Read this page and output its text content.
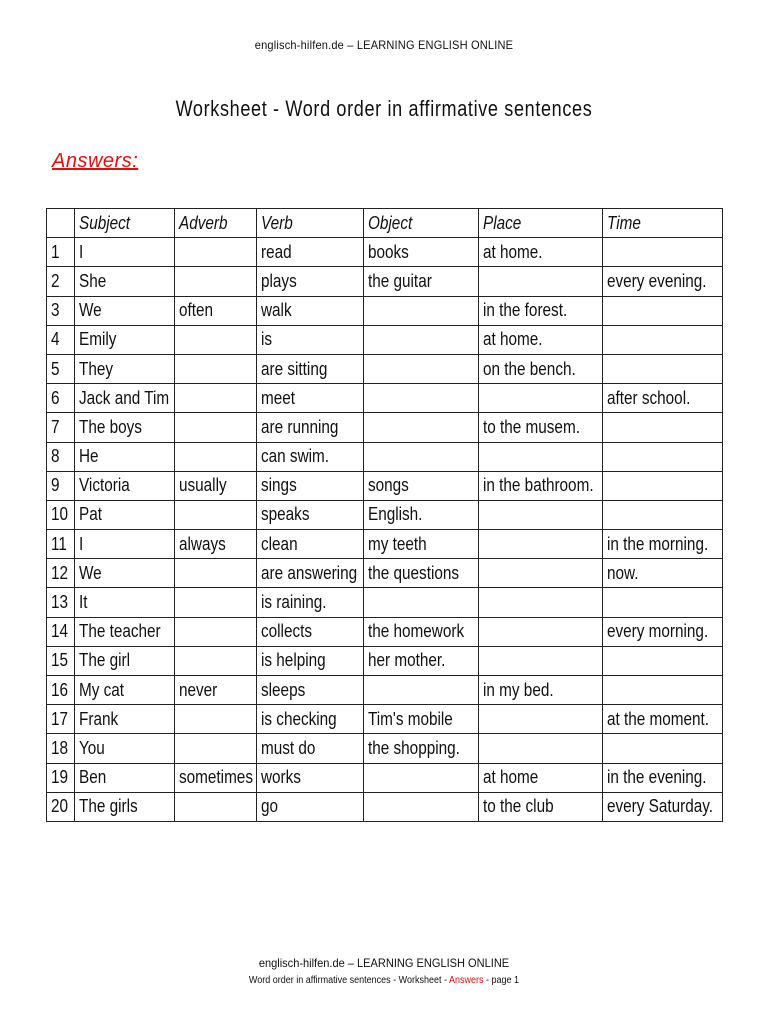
englisch-hilfen.de – LEARNING ENGLISH ONLINE
Worksheet - Word order in affirmative sentences
Answers:
	Subject	Adverb	Verb	Object	Place	Time
1	I		read	books	at home.	
2	She		plays	the guitar		every evening.
3	We	often	walk		in the forest.	
4	Emily		is		at home.	
5	They		are sitting		on the bench.	
6	Jack and Tim		meet			after school.
7	The boys		are running		to the musem.	
8	He		can swim.			
9	Victoria	usually	sings	songs	in the bathroom.	
10	Pat		speaks	English.		
11	I	always	clean	my teeth		in the morning.
12	We		are answering	the questions		now.
13	It		is raining.			
14	The teacher		collects	the homework		every morning.
15	The girl		is helping	her mother.		
16	My cat	never	sleeps		in my bed.	
17	Frank		is checking	Tim's mobile		at the moment.
18	You		must do	the shopping.		
19	Ben	sometimes	works		at home	in the evening.
20	The girls		go		to the club	every Saturday.
englisch-hilfen.de – LEARNING ENGLISH ONLINE
Word order in affirmative sentences - Worksheet - Answers - page 1
